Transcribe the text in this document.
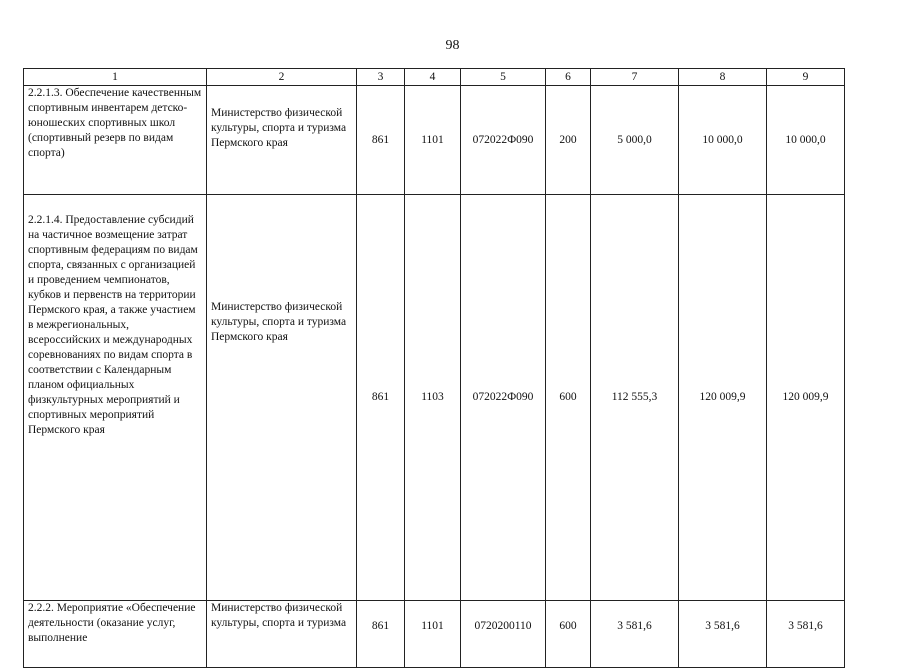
98
1	2	3	4	5	6	7	8	9
2.2.1.3. Обеспечение качественным спортивным инвентарем детско-юношеских спортивных школ (спортивный резерв по видам спорта)	Министерство физической культуры, спорта и туризма Пермского края	861	1101	072022Ф090	200	5 000,0	10 000,0	10 000,0
2.2.1.4. Предоставление субсидий на частичное возмещение затрат спортивным федерациям по видам спорта, связанных с организацией и проведением чемпионатов, кубков и первенств на территории Пермского края, а также участием в межрегиональных, всероссийских и международных соревнованиях по видам спорта в соответствии с Календарным планом официальных физкультурных мероприятий и спортивных мероприятий Пермского края	Министерство физической культуры, спорта и туризма Пермского края	861	1103	072022Ф090	600	112 555,3	120 009,9	120 009,9
2.2.2. Мероприятие «Обеспечение деятельности (оказание услуг, выполнение	Министерство физической культуры, спорта и туризма	861	1101	0720200110	600	3 581,6	3 581,6	3 581,6
